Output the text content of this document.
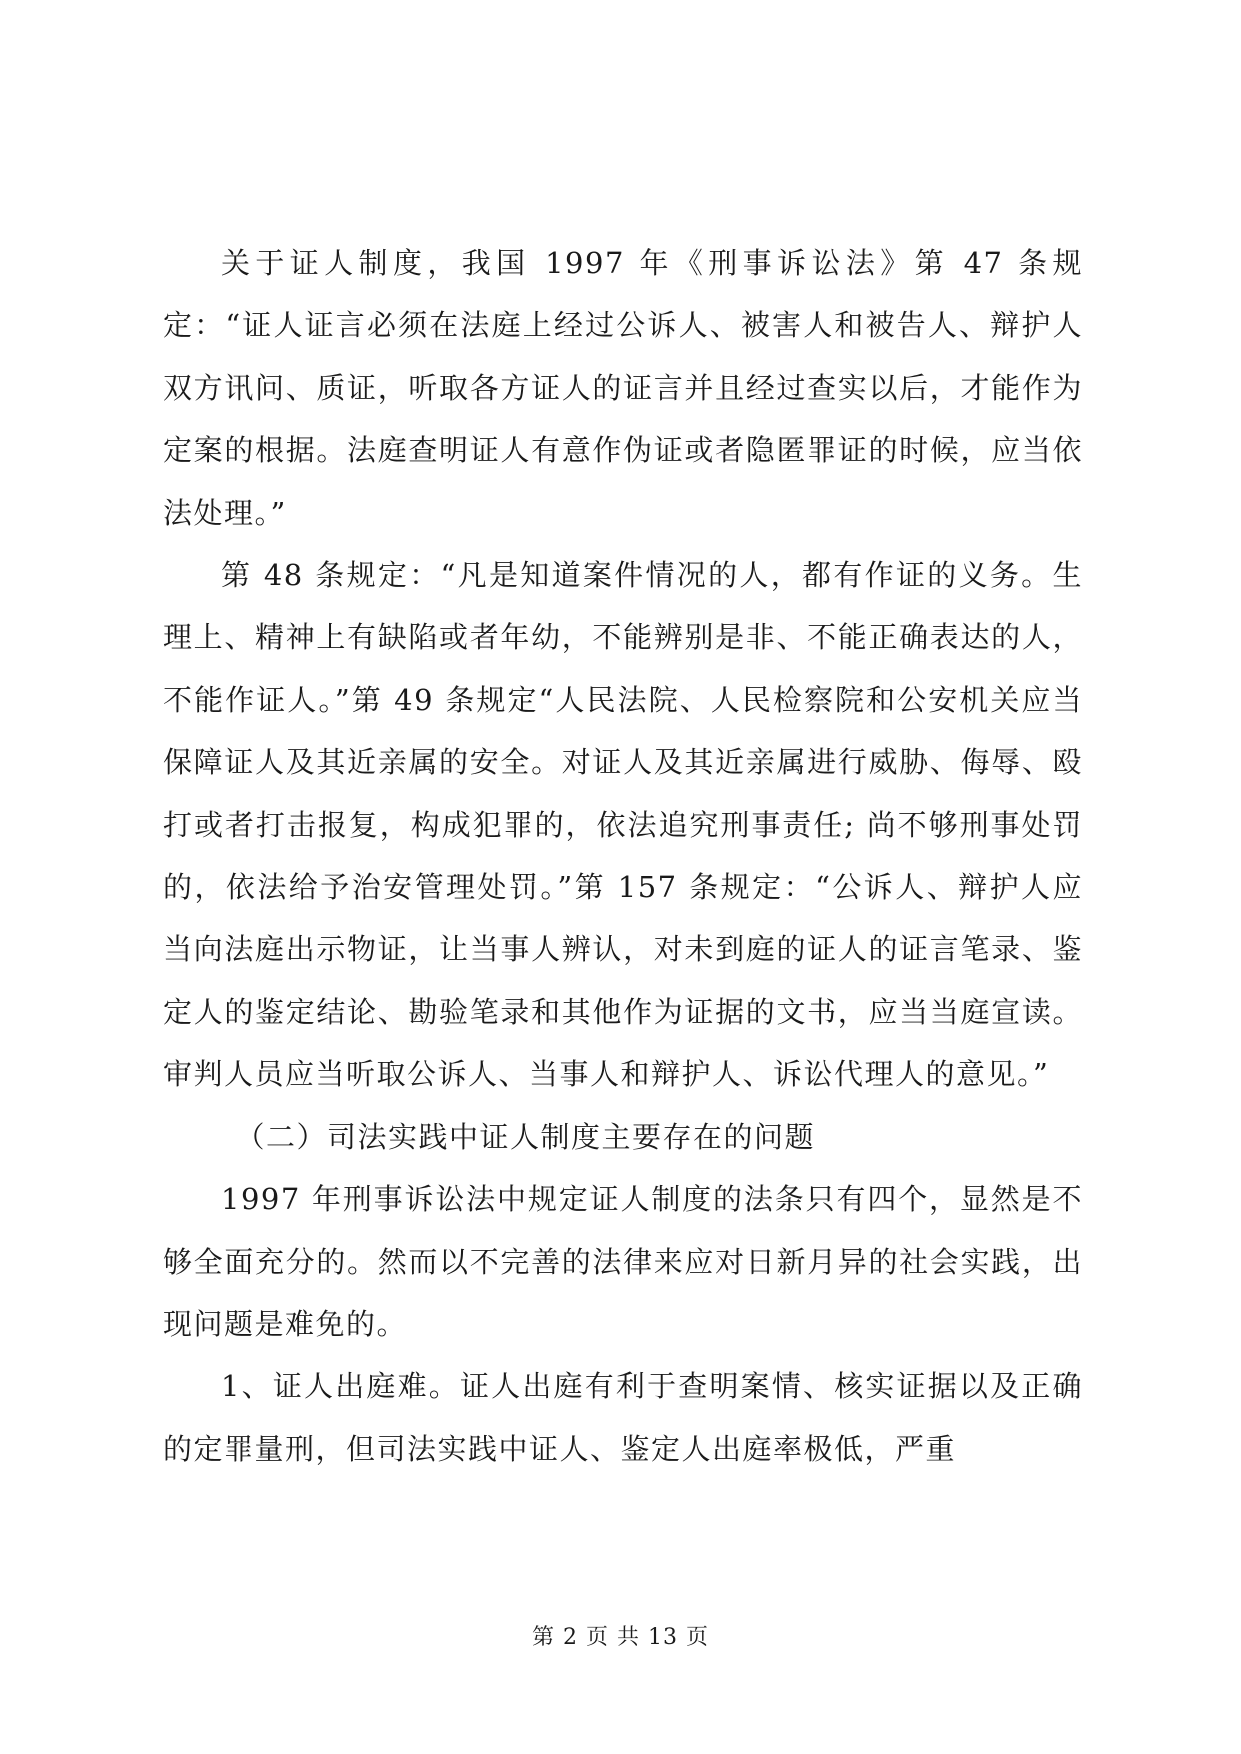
关于证人制度，我国 1997 年《刑事诉讼法》第 47 条规定：“证人证言必须在法庭上经过公诉人、被害人和被告人、辩护人双方讯问、质证，听取各方证人的证言并且经过查实以后，才能作为定案的根据。法庭查明证人有意作伪证或者隐匿罪证的时候，应当依法处理。”

第 48 条规定：“凡是知道案件情况的人，都有作证的义务。生理上、精神上有缺陷或者年幼，不能辨别是非、不能正确表达的人，不能作证人。”第 49 条规定“人民法院、人民检察院和公安机关应当保障证人及其近亲属的安全。对证人及其近亲属进行威胁、侮辱、殴打或者打击报复，构成犯罪的，依法追究刑事责任; 尚不够刑事处罚的，依法给予治安管理处罚。”第 157 条规定：“公诉人、辩护人应当向法庭出示物证，让当事人辨认，对未到庭的证人的证言笔录、鉴定人的鉴定结论、勘验笔录和其他作为证据的文书，应当当庭宣读。审判人员应当听取公诉人、当事人和辩护人、诉讼代理人的意见。”

（二）司法实践中证人制度主要存在的问题

1997 年刑事诉讼法中规定证人制度的法条只有四个，显然是不够全面充分的。然而以不完善的法律来应对日新月异的社会实践，出现问题是难免的。

1、证人出庭难。证人出庭有利于查明案情、核实证据以及正确的定罪量刑，但司法实践中证人、鉴定人出庭率极低，严重

第 2 页 共 13 页
